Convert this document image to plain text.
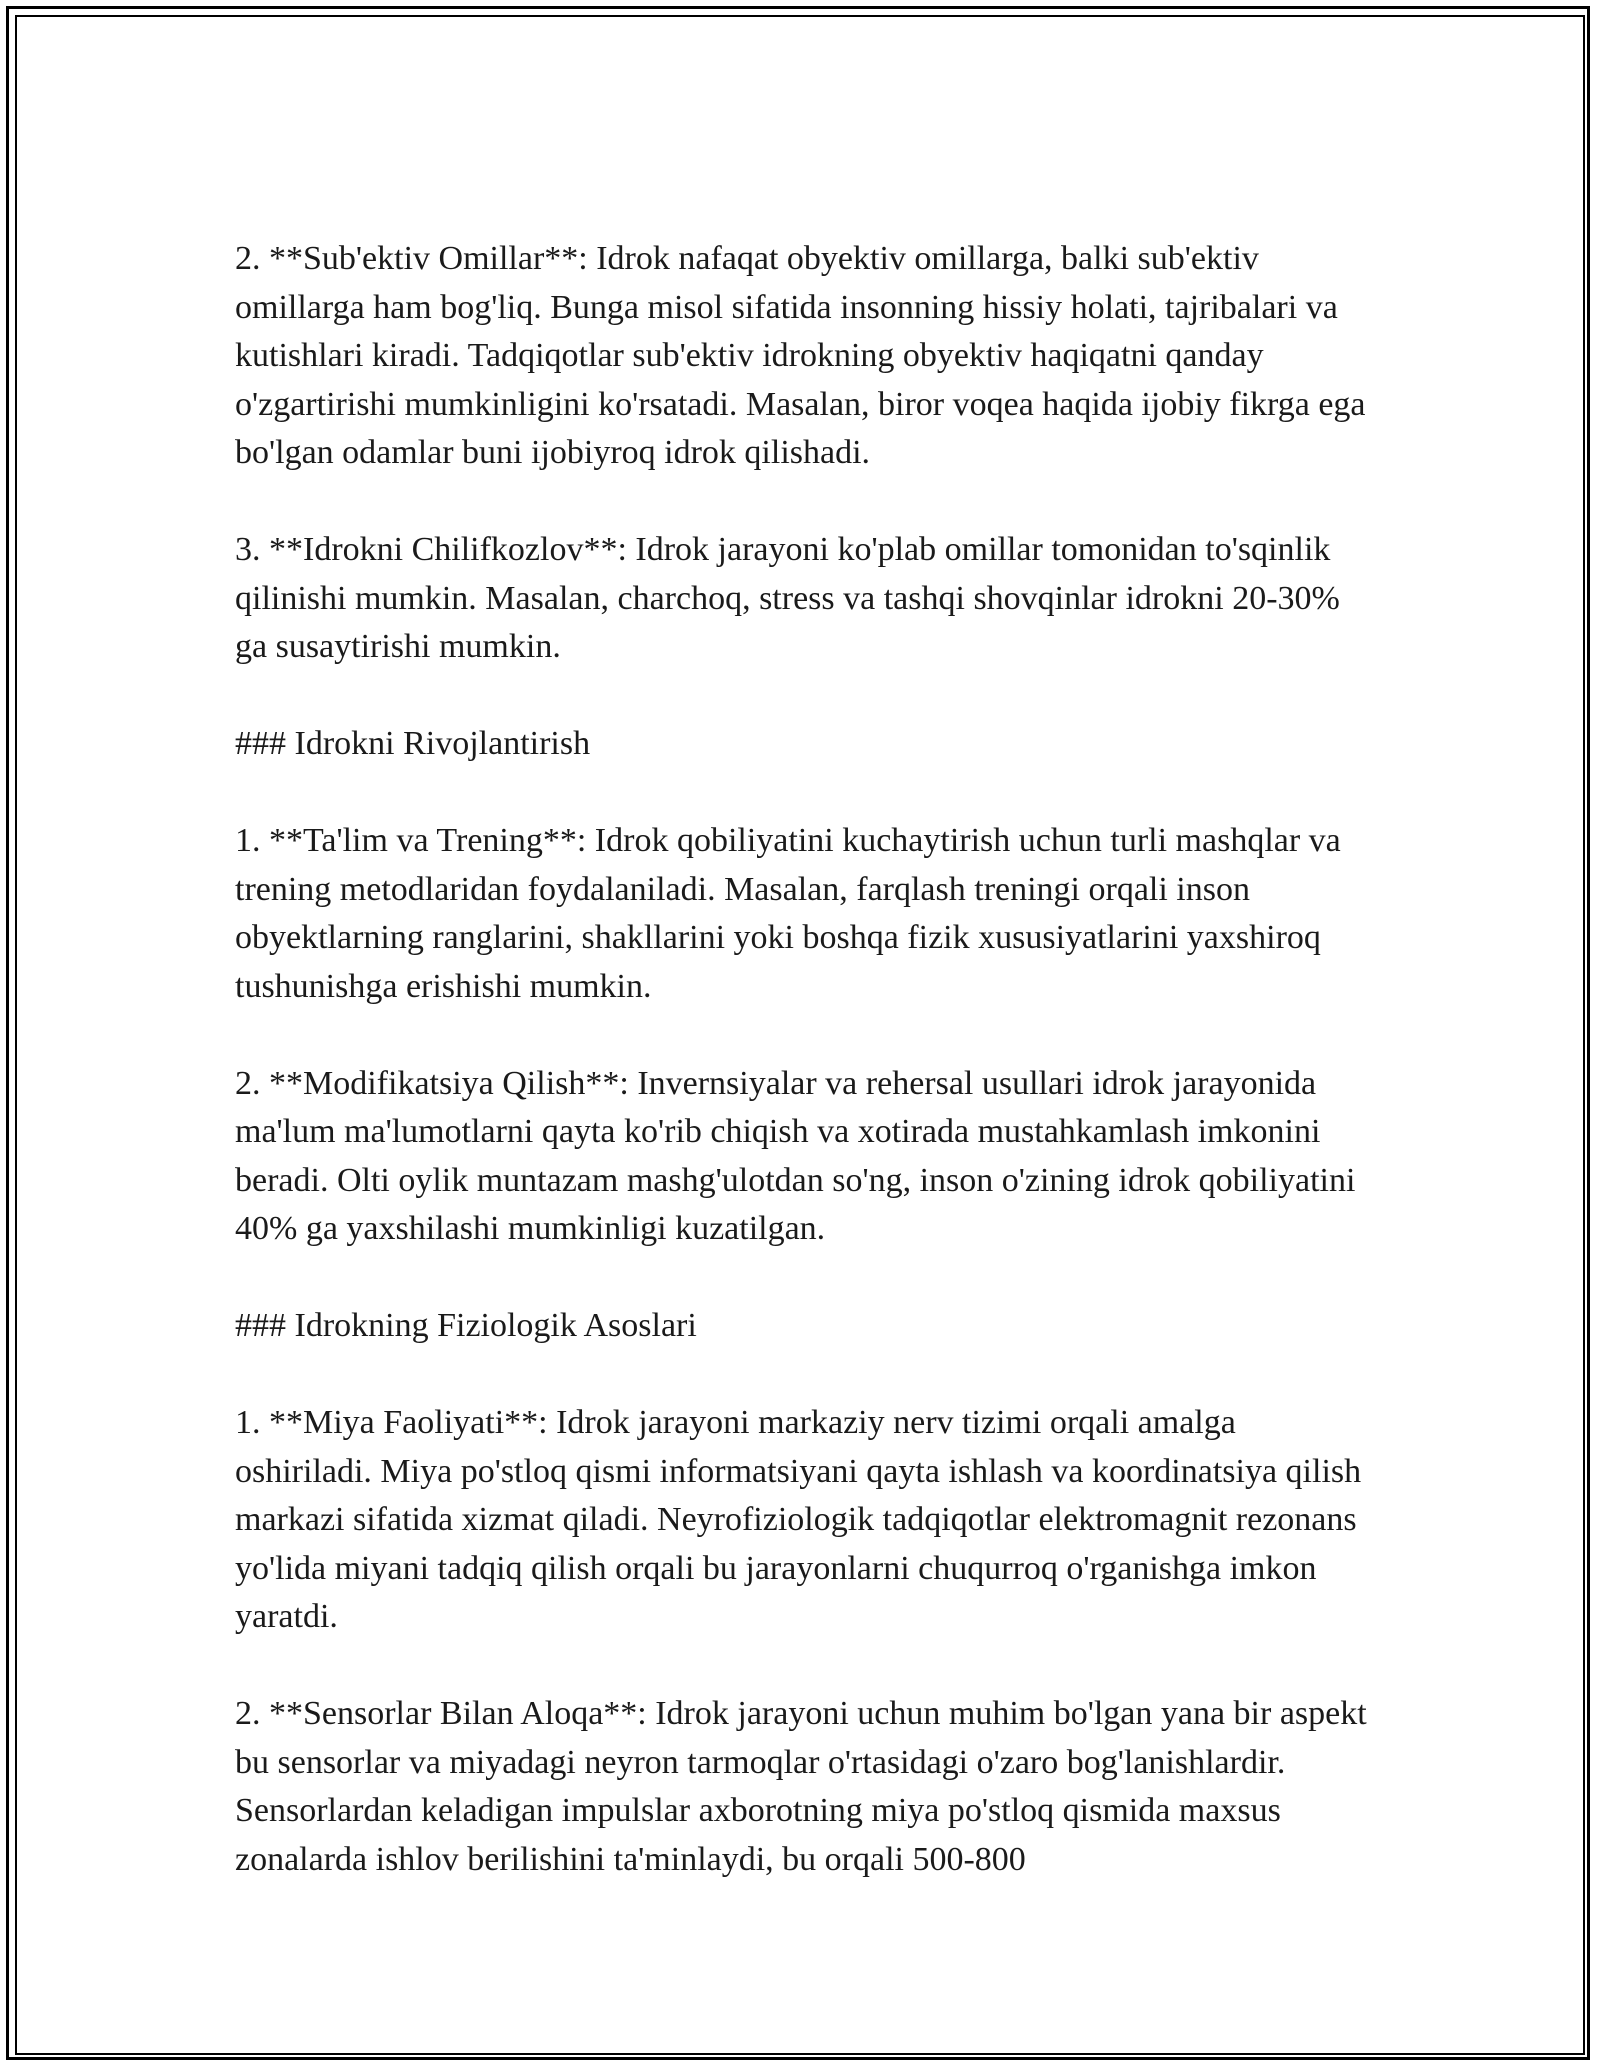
2. **Sub'ektiv Omillar**: Idrok nafaqat obyektiv omillarga, balki sub'ektiv omillarga ham bog'liq. Bunga misol sifatida insonning hissiy holati, tajribalari va kutishlari kiradi. Tadqiqotlar sub'ektiv idrokning obyektiv haqiqatni qanday o'zgartirishi mumkinligini ko'rsatadi. Masalan, biror voqea haqida ijobiy fikrga ega bo'lgan odamlar buni ijobiyroq idrok qilishadi.

3. **Idrokni Chilifkozlov**: Idrok jarayoni ko'plab omillar tomonidan to'sqinlik qilinishi mumkin. Masalan, charchoq, stress va tashqi shovqinlar idrokni 20-30% ga susaytirishi mumkin.

### Idrokni Rivojlantirish

1. **Ta'lim va Trening**: Idrok qobiliyatini kuchaytirish uchun turli mashqlar va trening metodlaridan foydalaniladi. Masalan, farqlash treningi orqali inson obyektlarning ranglarini, shakllarini yoki boshqa fizik xususiyatlarini yaxshiroq tushunishga erishishi mumkin.

2. **Modifikatsiya Qilish**: Invernsiyalar va rehersal usullari idrok jarayonida ma'lum ma'lumotlarni qayta ko'rib chiqish va xotirada mustahkamlash imkonini beradi. Olti oylik muntazam mashg'ulotdan so'ng, inson o'zining idrok qobiliyatini 40% ga yaxshilashi mumkinligi kuzatilgan.

### Idrokning Fiziologik Asoslari

1. **Miya Faoliyati**: Idrok jarayoni markaziy nerv tizimi orqali amalga oshiriladi. Miya po'stloq qismi informatsiyani qayta ishlash va koordinatsiya qilish markazi sifatida xizmat qiladi. Neyrofiziologik tadqiqotlar elektromagnit rezonans yo'lida miyani tadqiq qilish orqali bu jarayonlarni chuqurroq o'rganishga imkon yaratdi.

2. **Sensorlar Bilan Aloqa**: Idrok jarayoni uchun muhim bo'lgan yana bir aspekt bu sensorlar va miyadagi neyron tarmoqlar o'rtasidagi o'zaro bog'lanishlardir. Sensorlardan keladigan impulslar axborotning miya po'stloq qismida maxsus zonalarda ishlov berilishini ta'minlaydi, bu orqali 500-800
